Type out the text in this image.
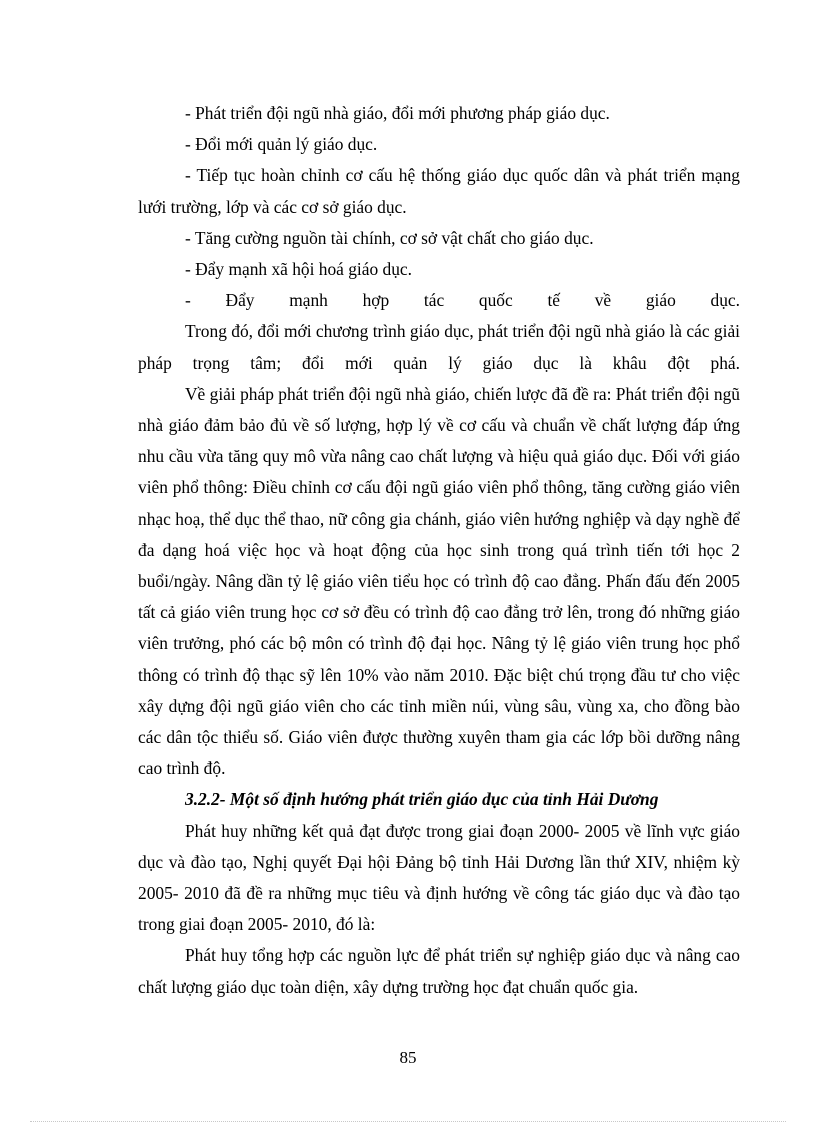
- Phát triển đội ngũ nhà giáo, đổi mới phương pháp giáo dục.

- Đổi mới quản lý giáo dục.

- Tiếp tục hoàn chỉnh cơ cấu hệ thống giáo dục quốc dân và phát triển mạng lưới trường, lớp và các cơ sở giáo dục.

- Tăng cường nguồn tài chính, cơ sở vật chất cho giáo dục.

- Đẩy mạnh xã hội hoá giáo dục.

- Đẩy mạnh hợp tác quốc tế về giáo dục.

Trong đó, đổi mới chương trình giáo dục, phát triển đội ngũ nhà giáo là các giải pháp trọng tâm; đổi mới quản lý giáo dục là khâu đột phá.

Về giải pháp phát triển đội ngũ nhà giáo, chiến lược đã đề ra: Phát triển đội ngũ nhà giáo đảm bảo đủ về số lượng, hợp lý về cơ cấu và chuẩn về chất lượng đáp ứng nhu cầu vừa tăng quy mô vừa nâng cao chất lượng và hiệu quả giáo dục. Đối với giáo viên phổ thông: Điều chỉnh cơ cấu đội ngũ giáo viên phổ thông, tăng cường giáo viên nhạc hoạ, thể dục thể thao, nữ công gia chánh, giáo viên hướng nghiệp và dạy nghề để đa dạng hoá việc học và hoạt động của học sinh trong quá trình tiến tới học 2 buổi/ngày. Nâng dần tỷ lệ giáo viên tiểu học có trình độ cao đẳng. Phấn đấu đến 2005 tất cả giáo viên trung học cơ sở đều có trình độ cao đẳng trở lên, trong đó những giáo viên trưởng, phó các bộ môn có trình độ đại học. Nâng tỷ lệ giáo viên trung học phổ thông có trình độ thạc sỹ lên 10% vào năm 2010. Đặc biệt chú trọng đầu tư cho việc xây dựng đội ngũ giáo viên cho các tỉnh miền núi, vùng sâu, vùng xa, cho đồng bào các dân tộc thiểu số. Giáo viên được thường xuyên tham gia các lớp bồi dưỡng nâng cao trình độ.

3.2.2- Một số định hướng phát triển giáo dục của tỉnh Hải Dương

Phát huy những kết quả đạt được trong giai đoạn 2000- 2005 về lĩnh vực giáo dục và đào tạo, Nghị quyết Đại hội Đảng bộ tỉnh Hải Dương lần thứ XIV, nhiệm kỳ 2005- 2010 đã đề ra những mục tiêu và định hướng về công tác giáo dục và đào tạo trong giai đoạn 2005- 2010, đó là:

Phát huy tổng hợp các nguồn lực để phát triển sự nghiệp giáo dục và nâng cao chất lượng giáo dục toàn diện, xây dựng trường học đạt chuẩn quốc gia.

85
